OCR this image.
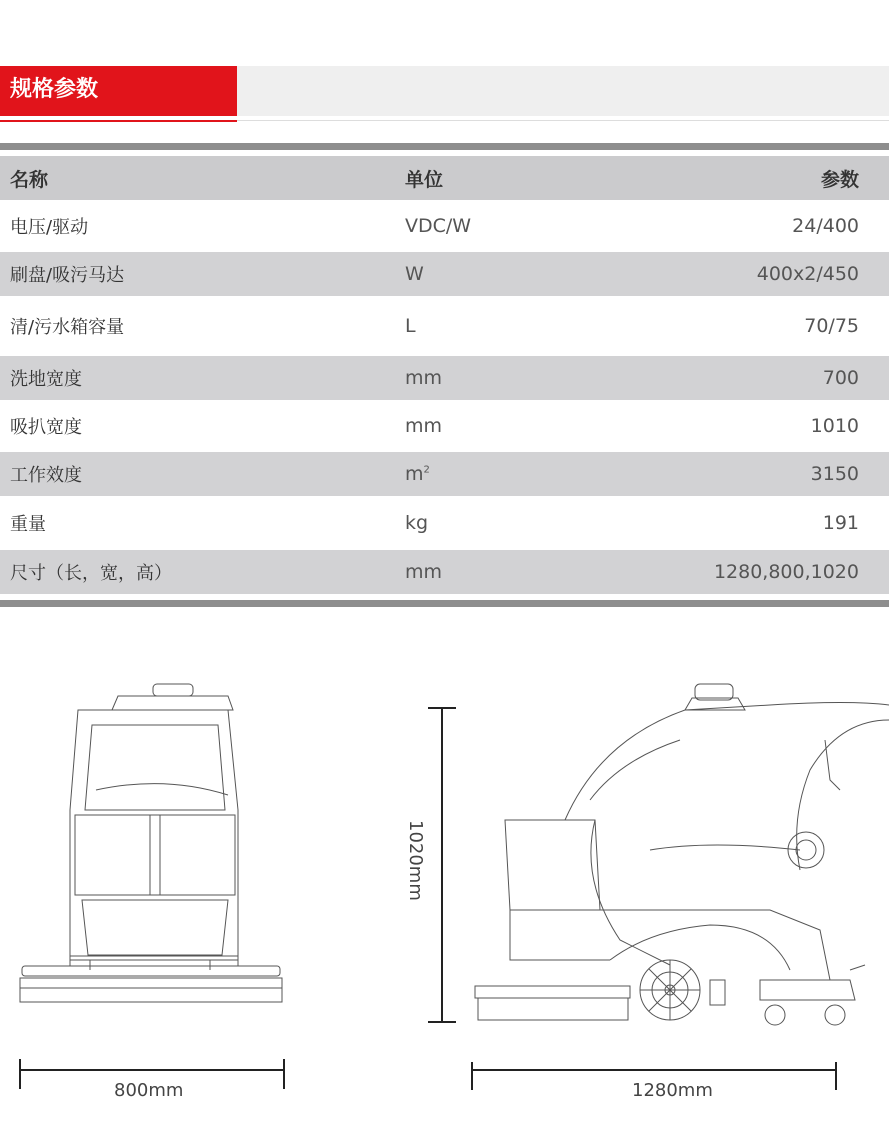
规格参数
名称	单位	参数
电压/驱动	VDC/W	24/400
刷盘/吸污马达	W	400x2/450
清/污水箱容量	L	70/75
洗地宽度	mm	700
吸扒宽度	mm	1010
工作效度	$m^2$	3150
重量	kg	191
尺寸（长，宽，高）	mm	1280,800,1020
1020mm
800mm	1280mm
